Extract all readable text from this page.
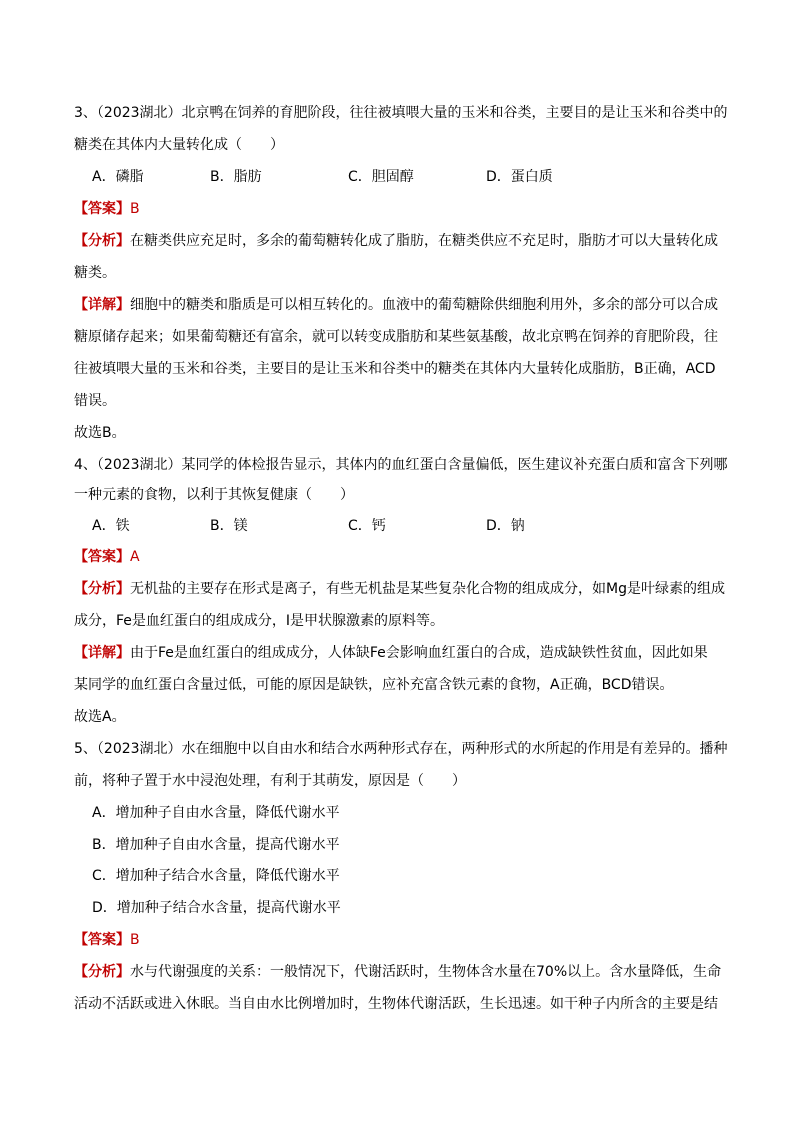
3、（2023湖北）北京鸭在饲养的育肥阶段，往往被填喂大量的玉米和谷类，主要目的是让玉米和谷类中的
糖类在其体内大量转化成（　　）
A．磷脂	B．脂肪	C．胆固醇	D．蛋白质
【答案】B
【分析】在糖类供应充足时，多余的葡萄糖转化成了脂肪，在糖类供应不充足时，脂肪才可以大量转化成
糖类。
【详解】细胞中的糖类和脂质是可以相互转化的。血液中的葡萄糖除供细胞利用外，多余的部分可以合成
糖原储存起来；如果葡萄糖还有富余，就可以转变成脂肪和某些氨基酸，故北京鸭在饲养的育肥阶段，往
往被填喂大量的玉米和谷类，主要目的是让玉米和谷类中的糖类在其体内大量转化成脂肪，B正确，ACD
错误。
故选B。
4、（2023湖北）某同学的体检报告显示，其体内的血红蛋白含量偏低，医生建议补充蛋白质和富含下列哪
一种元素的食物，以利于其恢复健康（　　）
A．铁	B．镁	C．钙	D．钠
【答案】A
【分析】无机盐的主要存在形式是离子，有些无机盐是某些复杂化合物的组成成分，如Mg是叶绿素的组成
成分，Fe是血红蛋白的组成成分，I是甲状腺激素的原料等。
【详解】由于Fe是血红蛋白的组成成分，人体缺Fe会影响血红蛋白的合成，造成缺铁性贫血，因此如果
某同学的血红蛋白含量过低，可能的原因是缺铁，应补充富含铁元素的食物，A正确，BCD错误。
故选A。
5、（2023湖北）水在细胞中以自由水和结合水两种形式存在，两种形式的水所起的作用是有差异的。播种
前，将种子置于水中浸泡处理，有利于其萌发，原因是（　　）
A．增加种子自由水含量，降低代谢水平
B．增加种子自由水含量，提高代谢水平
C．增加种子结合水含量，降低代谢水平
D．增加种子结合水含量，提高代谢水平
【答案】B
【分析】水与代谢强度的关系：一般情况下，代谢活跃时，生物体含水量在70%以上。含水量降低，生命
活动不活跃或进入休眠。当自由水比例增加时，生物体代谢活跃，生长迅速。如干种子内所含的主要是结
